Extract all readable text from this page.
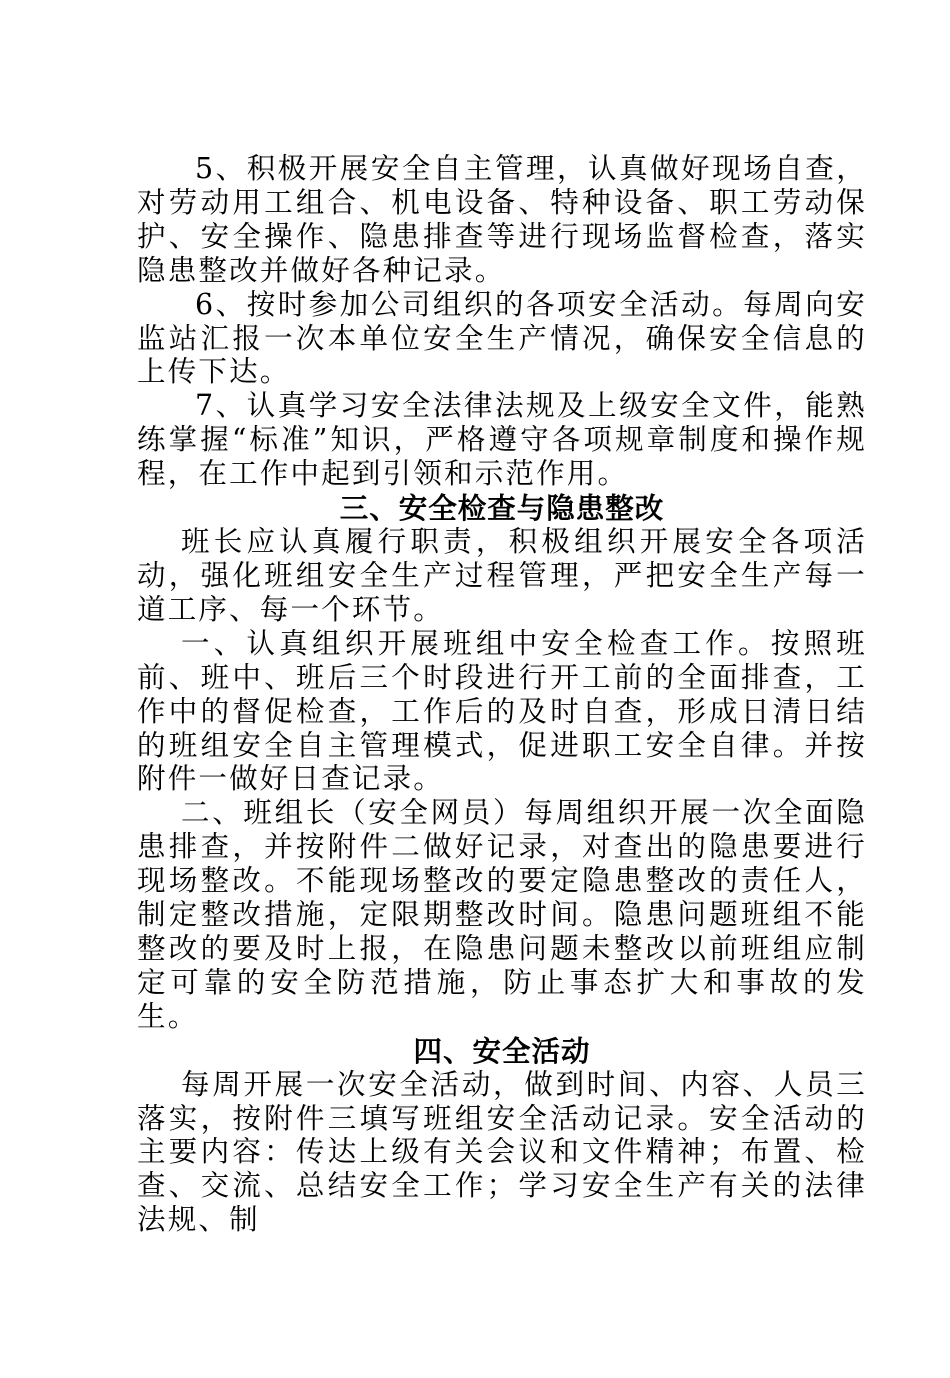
5、积极开展安全自主管理，认真做好现场自查，对劳动用工组合、机电设备、特种设备、职工劳动保护、安全操作、隐患排查等进行现场监督检查，落实隐患整改并做好各种记录。

6、按时参加公司组织的各项安全活动。每周向安监站汇报一次本单位安全生产情况，确保安全信息的上传下达。

7、认真学习安全法律法规及上级安全文件，能熟练掌握“标准”知识，严格遵守各项规章制度和操作规程，在工作中起到引领和示范作用。

三、安全检查与隐患整改

班长应认真履行职责，积极组织开展安全各项活动，强化班组安全生产过程管理，严把安全生产每一道工序、每一个环节。

一、认真组织开展班组中安全检查工作。按照班前、班中、班后三个时段进行开工前的全面排查，工作中的督促检查，工作后的及时自查，形成日清日结的班组安全自主管理模式，促进职工安全自律。并按附件一做好日查记录。

二、班组长（安全网员）每周组织开展一次全面隐患排查，并按附件二做好记录，对查出的隐患要进行现场整改。不能现场整改的要定隐患整改的责任人，制定整改措施，定限期整改时间。隐患问题班组不能整改的要及时上报，在隐患问题未整改以前班组应制定可靠的安全防范措施，防止事态扩大和事故的发生。

四、安全活动

每周开展一次安全活动，做到时间、内容、人员三落实，按附件三填写班组安全活动记录。安全活动的主要内容：传达上级有关会议和文件精神；布置、检查、交流、总结安全工作；学习安全生产有关的法律法规、制
